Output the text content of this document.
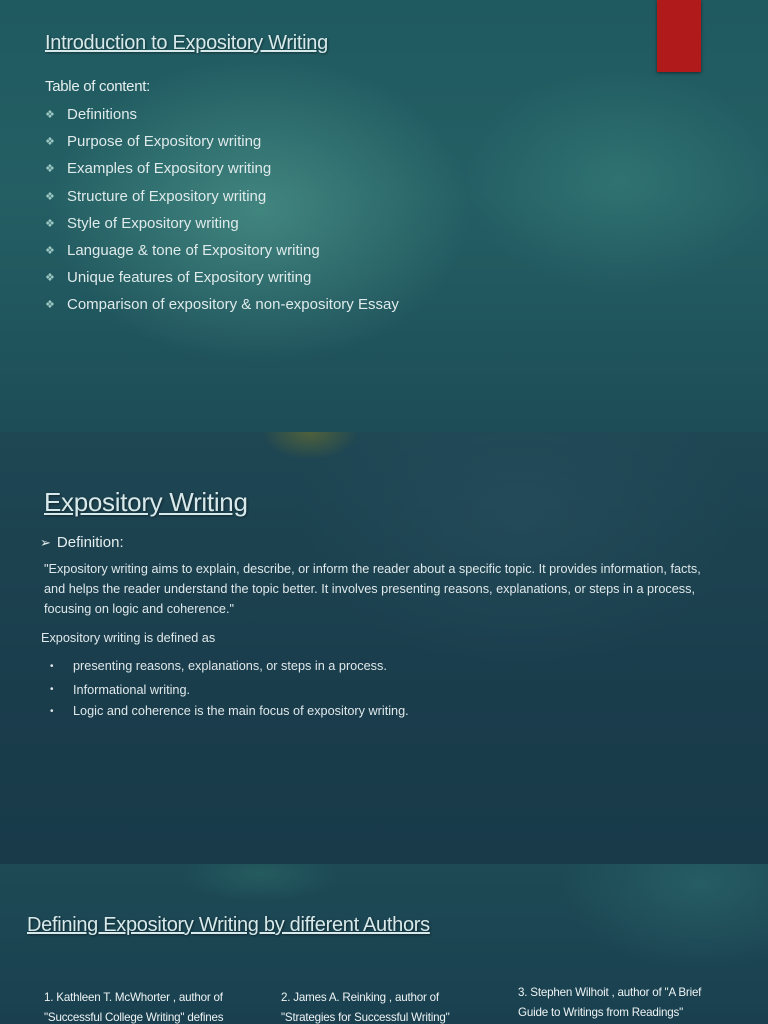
Introduction to Expository Writing
Table of content:
❖ Definitions
❖ Purpose of Expository writing
❖ Examples of Expository writing
❖ Structure of Expository writing
❖ Style of Expository writing
❖ Language & tone of Expository writing
❖ Unique features of Expository writing
❖ Comparison of expository & non-expository Essay
Expository Writing
➢ Definition:

"Expository writing aims to explain, describe, or inform the reader about a specific topic. It provides information, facts, and helps the reader understand the topic better. It involves presenting reasons, explanations, or steps in a process, focusing on logic and coherence."

Expository writing is defined as
•	presenting reasons, explanations, or steps in a process.
•	Informational writing.
•	Logic and coherence is the main focus of expository writing.
Defining Expository Writing by different Authors
1. Kathleen T. McWhorter , author of "Successful College Writing" defines
2. James A. Reinking , author of "Strategies for Successful Writing"
3. Stephen Wilhoit , author of "A Brief Guide to Writings from Readings"
